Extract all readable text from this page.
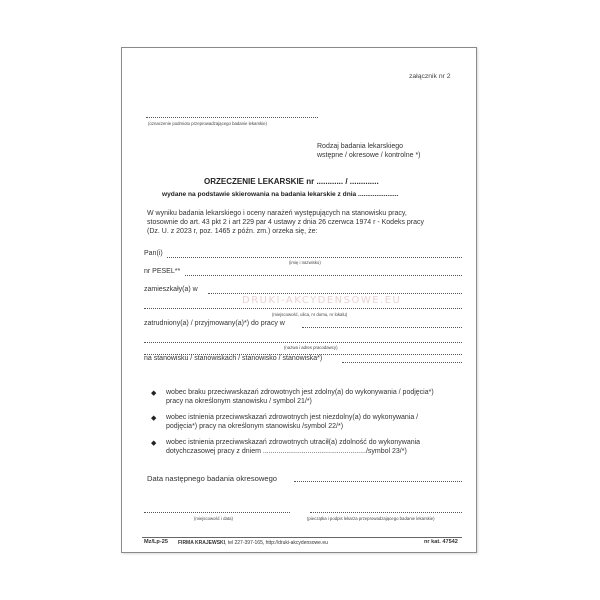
załącznik nr 2
(oznaczenie podmiotu przeprowadzającego badanie lekarskie)
Rodzaj badania lekarskiego
wstępne / okresowe / kontrolne *)
ORZECZENIE LEKARSKIE nr ............ / .............
wydane na podstawie skierowania na badania lekarskie z dnia ......................
W wyniku badania lekarskiego i oceny narażeń występujących na stanowisku pracy,
stosownie do art. 43 pkt 2 i art 229 par 4 ustawy z dnia 26 czerwca 1974 r - Kodeks pracy
(Dz. U. z 2023 r, poz. 1465 z późn. zm.) orzeka się, że:
Pan(i)
(imię i nazwisko)
nr PESEL**
zamieszkały(a) w
DRUKI-AKCYDENSOWE.EU
(miejscowość, ulica, nr domu, nr lokalu)
zatrudniony(a) / przyjmowany(a)*) do pracy w
(nazwa i adres pracodawcy)
na stanowisku / stanowiskach / stanowisko / stanowiska*)
◆ wobec braku przeciwwskazań zdrowotnych jest zdolny(a) do wykonywania / podjęcia*)
pracy na określonym stanowisku / symbol 21/*)
◆ wobec istnienia przeciwwskazań zdrowotnych jest niezdolny(a) do wykonywania /
podjęcia*) pracy na określonym stanowisku /symbol 22/*)
◆ wobec istnienia przeciwwskazań zdrowotnych utracił(a) zdolność do wykonywania
dotychczasowej pracy z dniem ...................................................../symbol 23/*)
Data następnego badania okresowego
(miejscowość i data)	(pieczątka i podpis lekarza przeprowadzającego badanie lekarskie)
Mz/Lp-25 FIRMA KRAJEWSKI, tel 227-397-165, http://druki-akcydensowe.eu	nr kat. 47542
